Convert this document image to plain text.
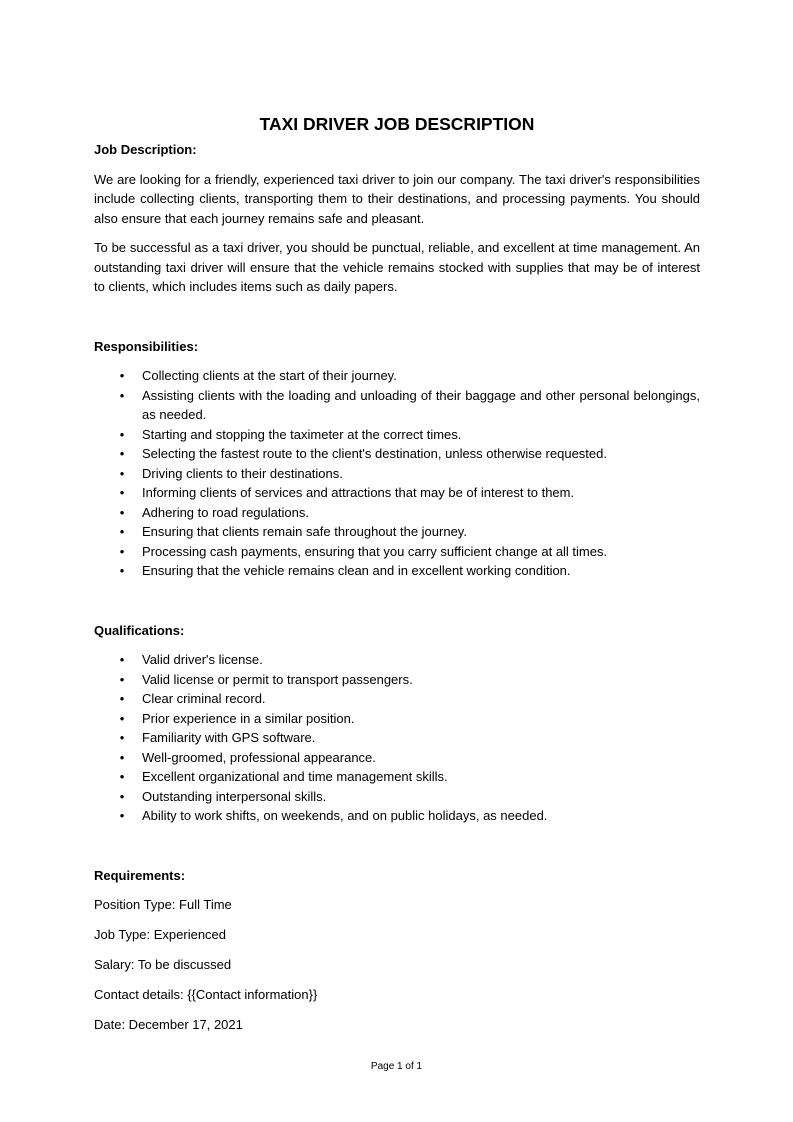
TAXI DRIVER JOB DESCRIPTION
Job Description:

We are looking for a friendly, experienced taxi driver to join our company. The taxi driver's responsibilities include collecting clients, transporting them to their destinations, and processing payments. You should also ensure that each journey remains safe and pleasant.

To be successful as a taxi driver, you should be punctual, reliable, and excellent at time management. An outstanding taxi driver will ensure that the vehicle remains stocked with supplies that may be of interest to clients, which includes items such as daily papers.

Responsibilities:
• Collecting clients at the start of their journey.
• Assisting clients with the loading and unloading of their baggage and other personal belongings, as needed.
• Starting and stopping the taximeter at the correct times.
• Selecting the fastest route to the client's destination, unless otherwise requested.
• Driving clients to their destinations.
• Informing clients of services and attractions that may be of interest to them.
• Adhering to road regulations.
• Ensuring that clients remain safe throughout the journey.
• Processing cash payments, ensuring that you carry sufficient change at all times.
• Ensuring that the vehicle remains clean and in excellent working condition.
Qualifications:
• Valid driver's license.
• Valid license or permit to transport passengers.
• Clear criminal record.
• Prior experience in a similar position.
• Familiarity with GPS software.
• Well-groomed, professional appearance.
• Excellent organizational and time management skills.
• Outstanding interpersonal skills.
• Ability to work shifts, on weekends, and on public holidays, as needed.
Requirements:
Position Type: Full Time
Job Type: Experienced
Salary: To be discussed
Contact details: {{Contact information}}
Date: December 17, 2021
Page 1 of 1
